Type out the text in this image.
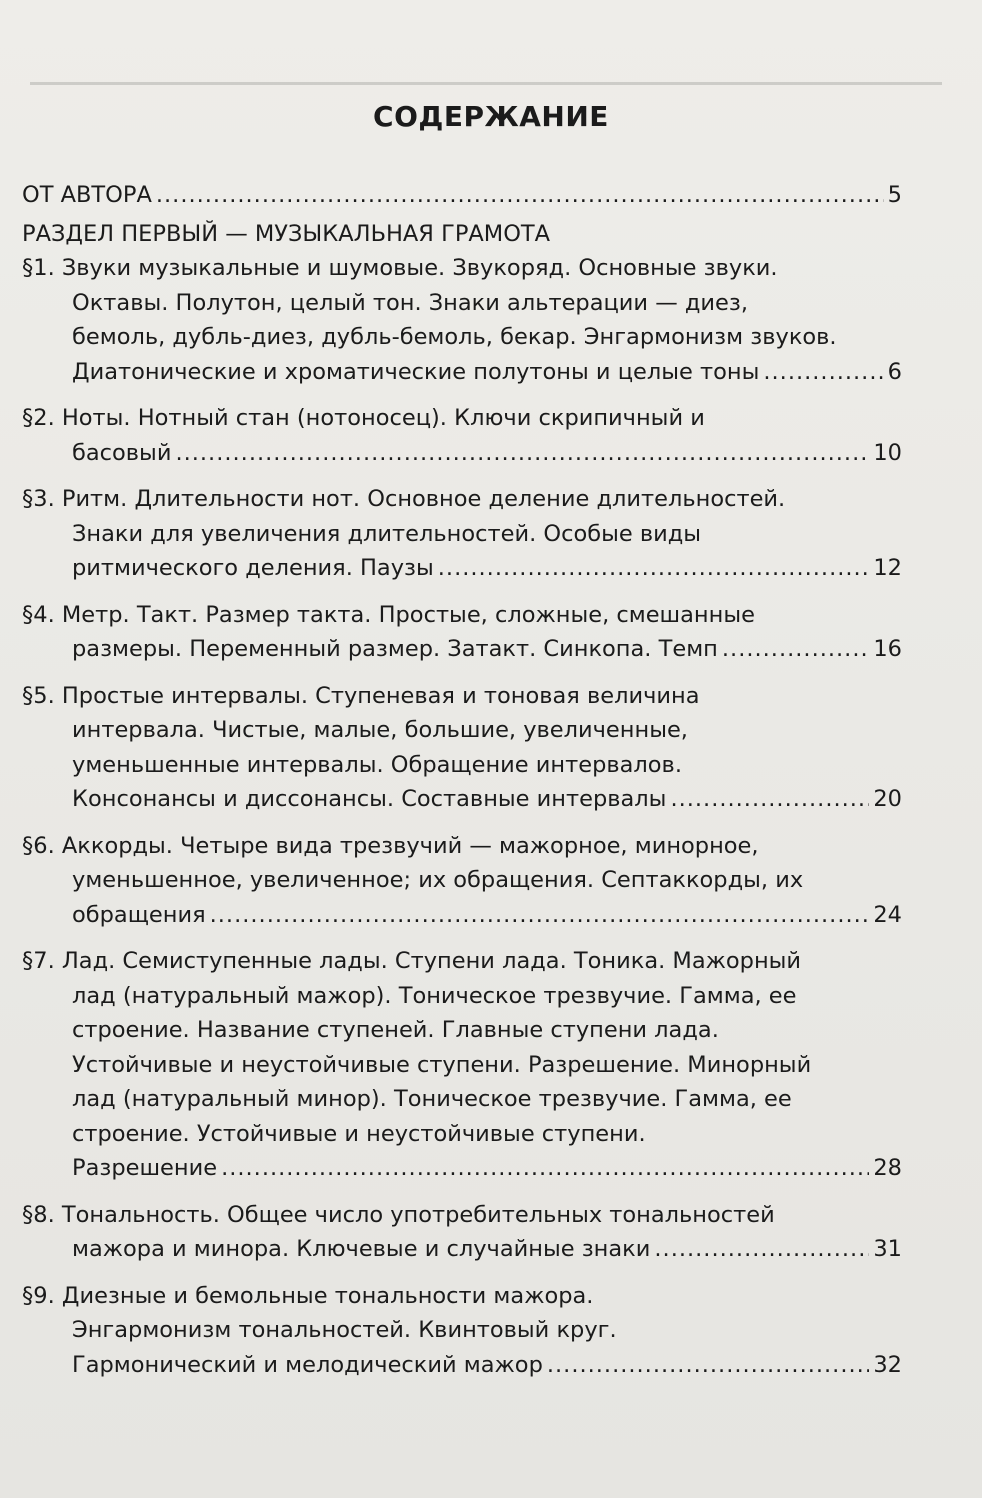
СОДЕРЖАНИЕ
ОТ АВТОРА .....	5
РАЗДЕЛ ПЕРВЫЙ — МУЗЫКАЛЬНАЯ ГРАМОТА
§1. Звуки музыкальные и шумовые. Звукоряд. Основные звуки.
Октавы. Полутон, целый тон. Знаки альтерации — диез,
бемоль, дубль-диез, дубль-бемоль, бекар. Энгармонизм звуков.
Диатонические и хроматические полутоны и целые тоны .....	6
§2. Ноты. Нотный стан (нотоносец). Ключи скрипичный и
басовый .....	10
§3. Ритм. Длительности нот. Основное деление длительностей.
Знаки для увеличения длительностей. Особые виды
ритмического деления. Паузы .....	12
§4. Метр. Такт. Размер такта. Простые, сложные, смешанные
размеры. Переменный размер. Затакт. Синкопа. Темп .....	16
§5. Простые интервалы. Ступеневая и тоновая величина
интервала. Чистые, малые, большие, увеличенные,
уменьшенные интервалы. Обращение интервалов.
Консонансы и диссонансы. Составные интервалы .....	20
§6. Аккорды. Четыре вида трезвучий — мажорное, минорное,
уменьшенное, увеличенное; их обращения. Септаккорды, их
обращения .....	24
§7. Лад. Семиступенные лады. Ступени лада. Тоника. Мажорный
лад (натуральный мажор). Тоническое трезвучие. Гамма, ее
строение. Название ступеней. Главные ступени лада.
Устойчивые и неустойчивые ступени. Разрешение. Минорный
лад (натуральный минор). Тоническое трезвучие. Гамма, ее
строение. Устойчивые и неустойчивые ступени.
Разрешение .....	28
§8. Тональность. Общее число употребительных тональностей
мажора и минора. Ключевые и случайные знаки .....	31
§9. Диезные и бемольные тональности мажора.
Энгармонизм тональностей. Квинтовый круг.
Гармонический и мелодический мажор .....	32
